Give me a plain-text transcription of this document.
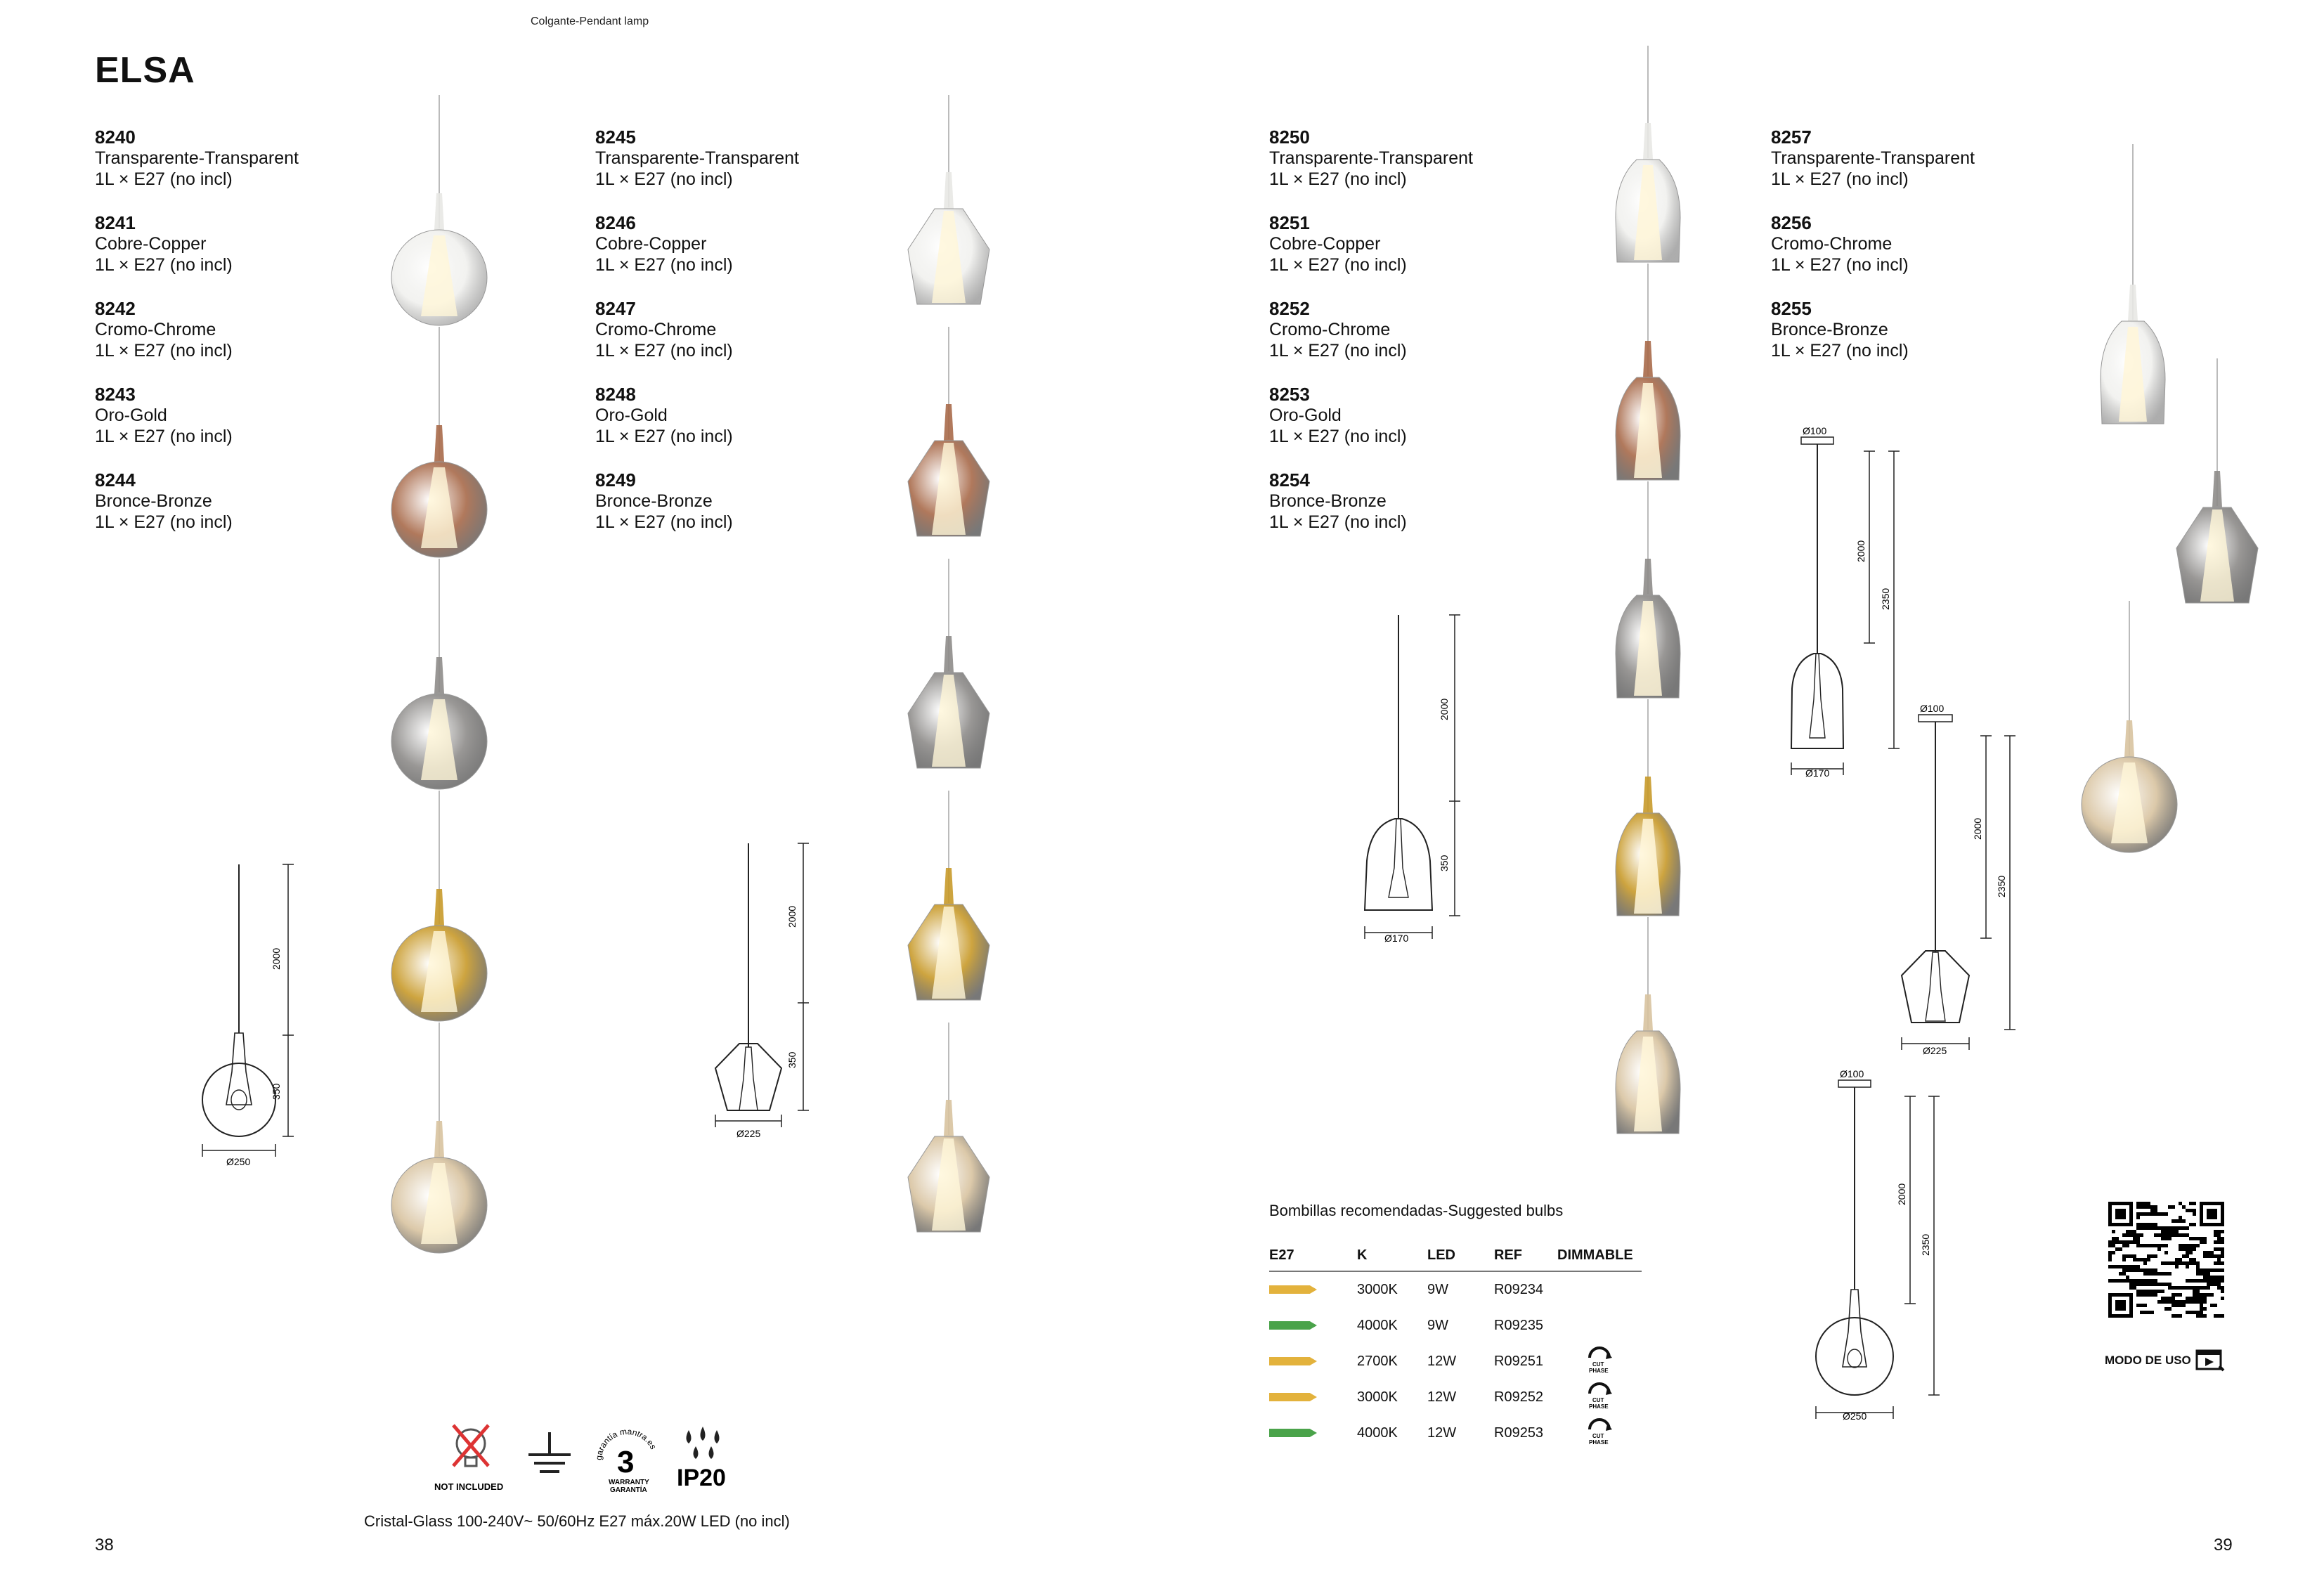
Colgante-Pendant lamp
ELSA
8240
Transparente-Transparent
1L × E27 (no incl)
8241
Cobre-Copper
1L × E27 (no incl)
8242
Cromo-Chrome
1L × E27 (no incl)
8243
Oro-Gold
1L × E27 (no incl)
8244
Bronce-Bronze
1L × E27 (no incl)
8245
Transparente-Transparent
1L × E27 (no incl)
8246
Cobre-Copper
1L × E27 (no incl)
8247
Cromo-Chrome
1L × E27 (no incl)
8248
Oro-Gold
1L × E27 (no incl)
8249
Bronce-Bronze
1L × E27 (no incl)
8250
Transparente-Transparent
1L × E27 (no incl)
8251
Cobre-Copper
1L × E27 (no incl)
8252
Cromo-Chrome
1L × E27 (no incl)
8253
Oro-Gold
1L × E27 (no incl)
8254
Bronce-Bronze
1L × E27 (no incl)
8257
Transparente-Transparent
1L × E27 (no incl)
8256
Cromo-Chrome
1L × E27 (no incl)
8255
Bronce-Bronze
1L × E27 (no incl)
2000
350
Ø250
2000
350
Ø225
2000
350
Ø170
Ø100
2000
2350
Ø170
Ø100
2000
2350
Ø225
Ø100
2000
2350
Ø250
Bombillas recomendadas-Suggested bulbs
E27	K	LED	REF	DIMMABLE
	3000K	9W	R09234	
	4000K	9W	R09235	
	2700K	12W	R09251	CUT
PHASE

	3000K	12W	R09252	CUT
PHASE

	4000K	12W	R09253	CUT
PHASE
NOT INCLUDED
garantía mantra.es
3
WARRANTY
GARANTÍA IP20
Cristal-Glass 100-240V~ 50/60Hz E27 máx.20W LED (no incl)
MODO DE USO
38	39
